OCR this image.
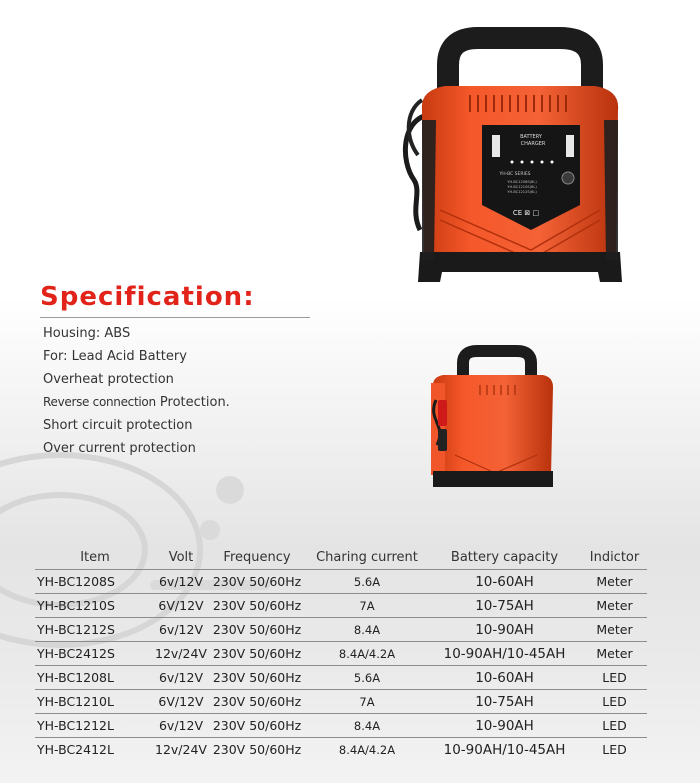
BATTERY
CHARGER
YH-BC SERIES
YH-BC1208S(6L)
YH-BC1210S(6L)
YH-BC1212S(6L)
CE ⊠ □
Specification:
Housing: ABS
For: Lead Acid Battery
Overheat protection
Reverse connection Protection.
Short circuit protection
Over current protection
Item	Volt	Frequency	Charing current	Battery capacity	Indictor
YH-BC1208S	6v/12V	230V 50/60Hz	5.6A	10-60AH	Meter
YH-BC1210S	6V/12V	230V 50/60Hz	7A	10-75AH	Meter
YH-BC1212S	6v/12V	230V 50/60Hz	8.4A	10-90AH	Meter
YH-BC2412S	12v/24V	230V 50/60Hz	8.4A/4.2A	10-90AH/10-45AH	Meter
YH-BC1208L	6v/12V	230V 50/60Hz	5.6A	10-60AH	LED
YH-BC1210L	6V/12V	230V 50/60Hz	7A	10-75AH	LED
YH-BC1212L	6v/12V	230V 50/60Hz	8.4A	10-90AH	LED
YH-BC2412L	12v/24V	230V 50/60Hz	8.4A/4.2A	10-90AH/10-45AH	LED
